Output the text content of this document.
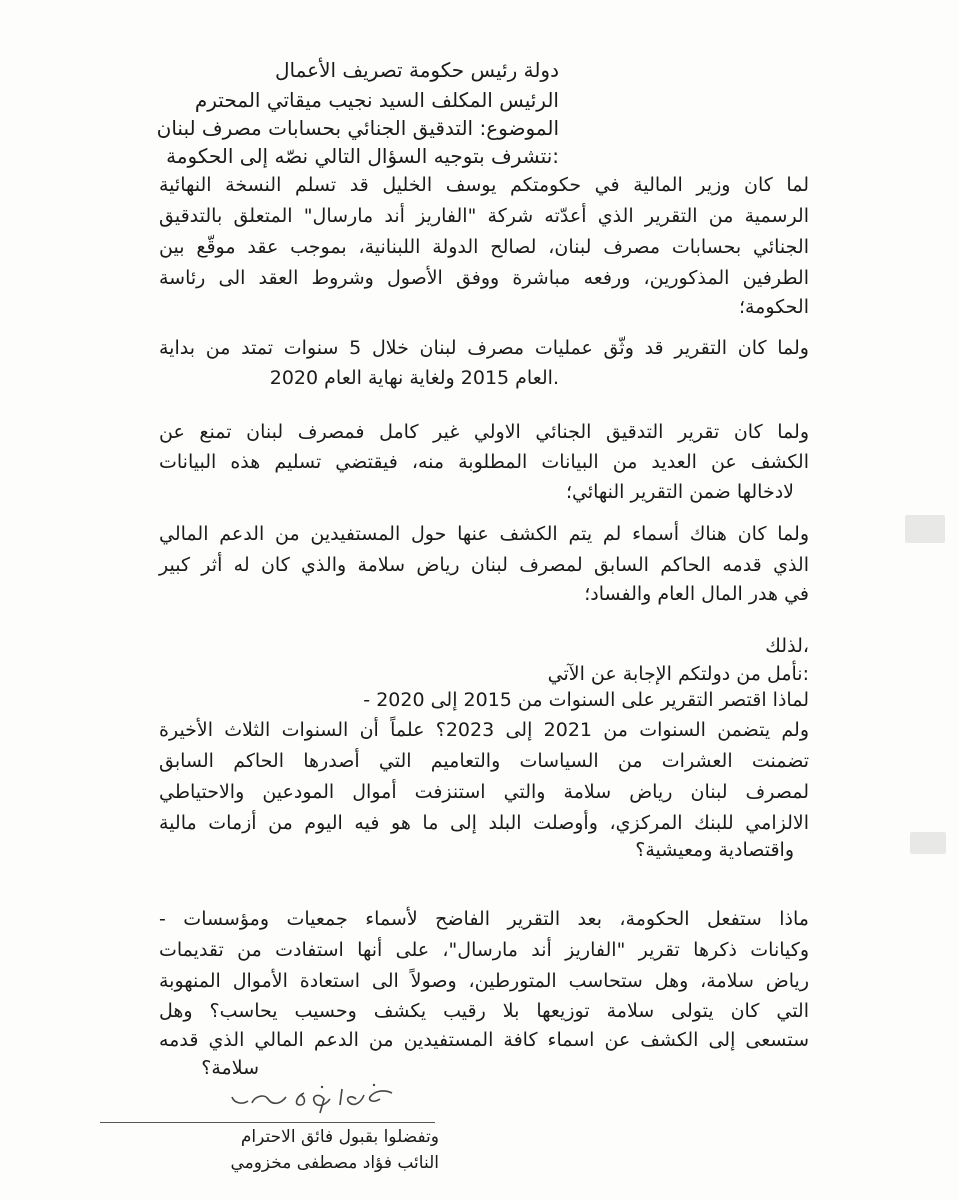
دولة رئيس حكومة تصريف الأعمال
الرئيس المكلف السيد نجيب ميقاتي المحترم
الموضوع: التدقيق الجنائي بحسابات مصرف لبنان
:نتشرف بتوجيه السؤال التالي نصّه إلى الحكومة
لما كان وزير المالية في حكومتكم يوسف الخليل قد تسلم النسخة النهائية
الرسمية من التقرير الذي أعدّته شركة "الفاريز أند مارسال" المتعلق بالتدقيق
الجنائي بحسابات مصرف لبنان، لصالح الدولة اللبنانية، بموجب عقد موقّع بين
الطرفين المذكورين، ورفعه مباشرة ووفق الأصول وشروط العقد الى رئاسة
الحكومة؛
ولما كان التقرير قد وثّق عمليات مصرف لبنان خلال 5 سنوات تمتد من بداية
.العام 2015 ولغاية نهاية العام 2020
ولما كان تقرير التدقيق الجنائي الاولي غير كامل فمصرف لبنان تمنع عن
الكشف عن العديد من البيانات المطلوبة منه، فيقتضي تسليم هذه البيانات
لادخالها ضمن التقرير النهائي؛
ولما كان هناك أسماء لم يتم الكشف عنها حول المستفيدين من الدعم المالي
الذي قدمه الحاكم السابق لمصرف لبنان رياض سلامة والذي كان له أثر كبير
في هدر المال العام والفساد؛
،لذلك
:نأمل من دولتكم الإجابة عن الآتي
لماذا اقتصر التقرير على السنوات من 2015 إلى 2020 -
ولم يتضمن السنوات من 2021 إلى 2023؟ علماً أن السنوات الثلاث الأخيرة
تضمنت العشرات من السياسات والتعاميم التي أصدرها الحاكم السابق
لمصرف لبنان رياض سلامة والتي استنزفت أموال المودعين والاحتياطي
الالزامي للبنك المركزي، وأوصلت البلد إلى ما هو فيه اليوم من أزمات مالية
واقتصادية ومعيشية؟
ماذا ستفعل الحكومة، بعد التقرير الفاضح لأسماء جمعيات ومؤسسات -
وكيانات ذكرها تقرير "الفاريز أند مارسال"، على أنها استفادت من تقديمات
رياض سلامة، وهل ستحاسب المتورطين، وصولاً الى استعادة الأموال المنهوبة
التي كان يتولى سلامة توزيعها بلا رقيب يكشف وحسيب يحاسب؟ وهل
ستسعى إلى الكشف عن اسماء كافة المستفيدين من الدعم المالي الذي قدمه
سلامة؟
وتفضلوا بقبول فائق الاحترام
النائب فؤاد مصطفى مخزومي
